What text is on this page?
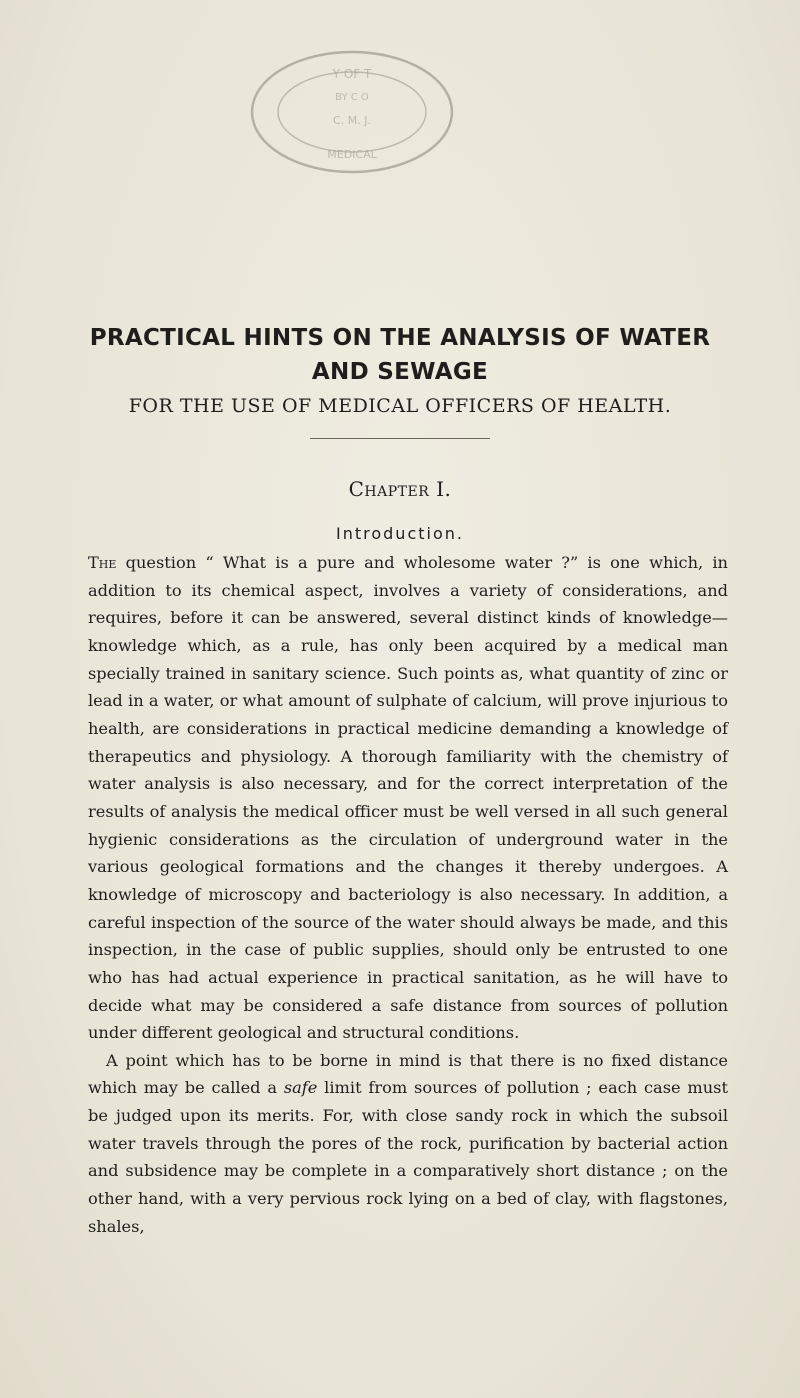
Y OF T
BY C O
C. M. J.
MEDICAL
PRACTICAL HINTS ON THE ANALYSIS OF WATER
AND SEWAGE
FOR THE USE OF MEDICAL OFFICERS OF HEALTH.
Chapter I.
Introduction.

The question “ What is a pure and wholesome water ?” is one which, in addition to its chemical aspect, involves a variety of considerations, and requires, before it can be answered, several distinct kinds of knowledge—knowledge which, as a rule, has only been acquired by a medical man specially trained in sanitary science. Such points as, what quantity of zinc or lead in a water, or what amount of sulphate of calcium, will prove injurious to health, are considerations in practical medicine demanding a knowledge of therapeutics and physiology. A thorough familiarity with the chemistry of water analysis is also necessary, and for the correct interpretation of the results of analysis the medical officer must be well versed in all such general hygienic considerations as the circulation of underground water in the various geological formations and the changes it thereby undergoes. A knowledge of microscopy and bacteriology is also necessary. In addition, a careful inspection of the source of the water should always be made, and this inspection, in the case of public supplies, should only be entrusted to one who has had actual experience in practical sanitation, as he will have to decide what may be considered a safe distance from sources of pollution under different geological and structural conditions.

A point which has to be borne in mind is that there is no fixed distance which may be called a safe limit from sources of pollution ; each case must be judged upon its merits. For, with close sandy rock in which the subsoil water travels through the pores of the rock, purification by bacterial action and subsidence may be complete in a comparatively short distance ; on the other hand, with a very pervious rock lying on a bed of clay, with flagstones, shales,
